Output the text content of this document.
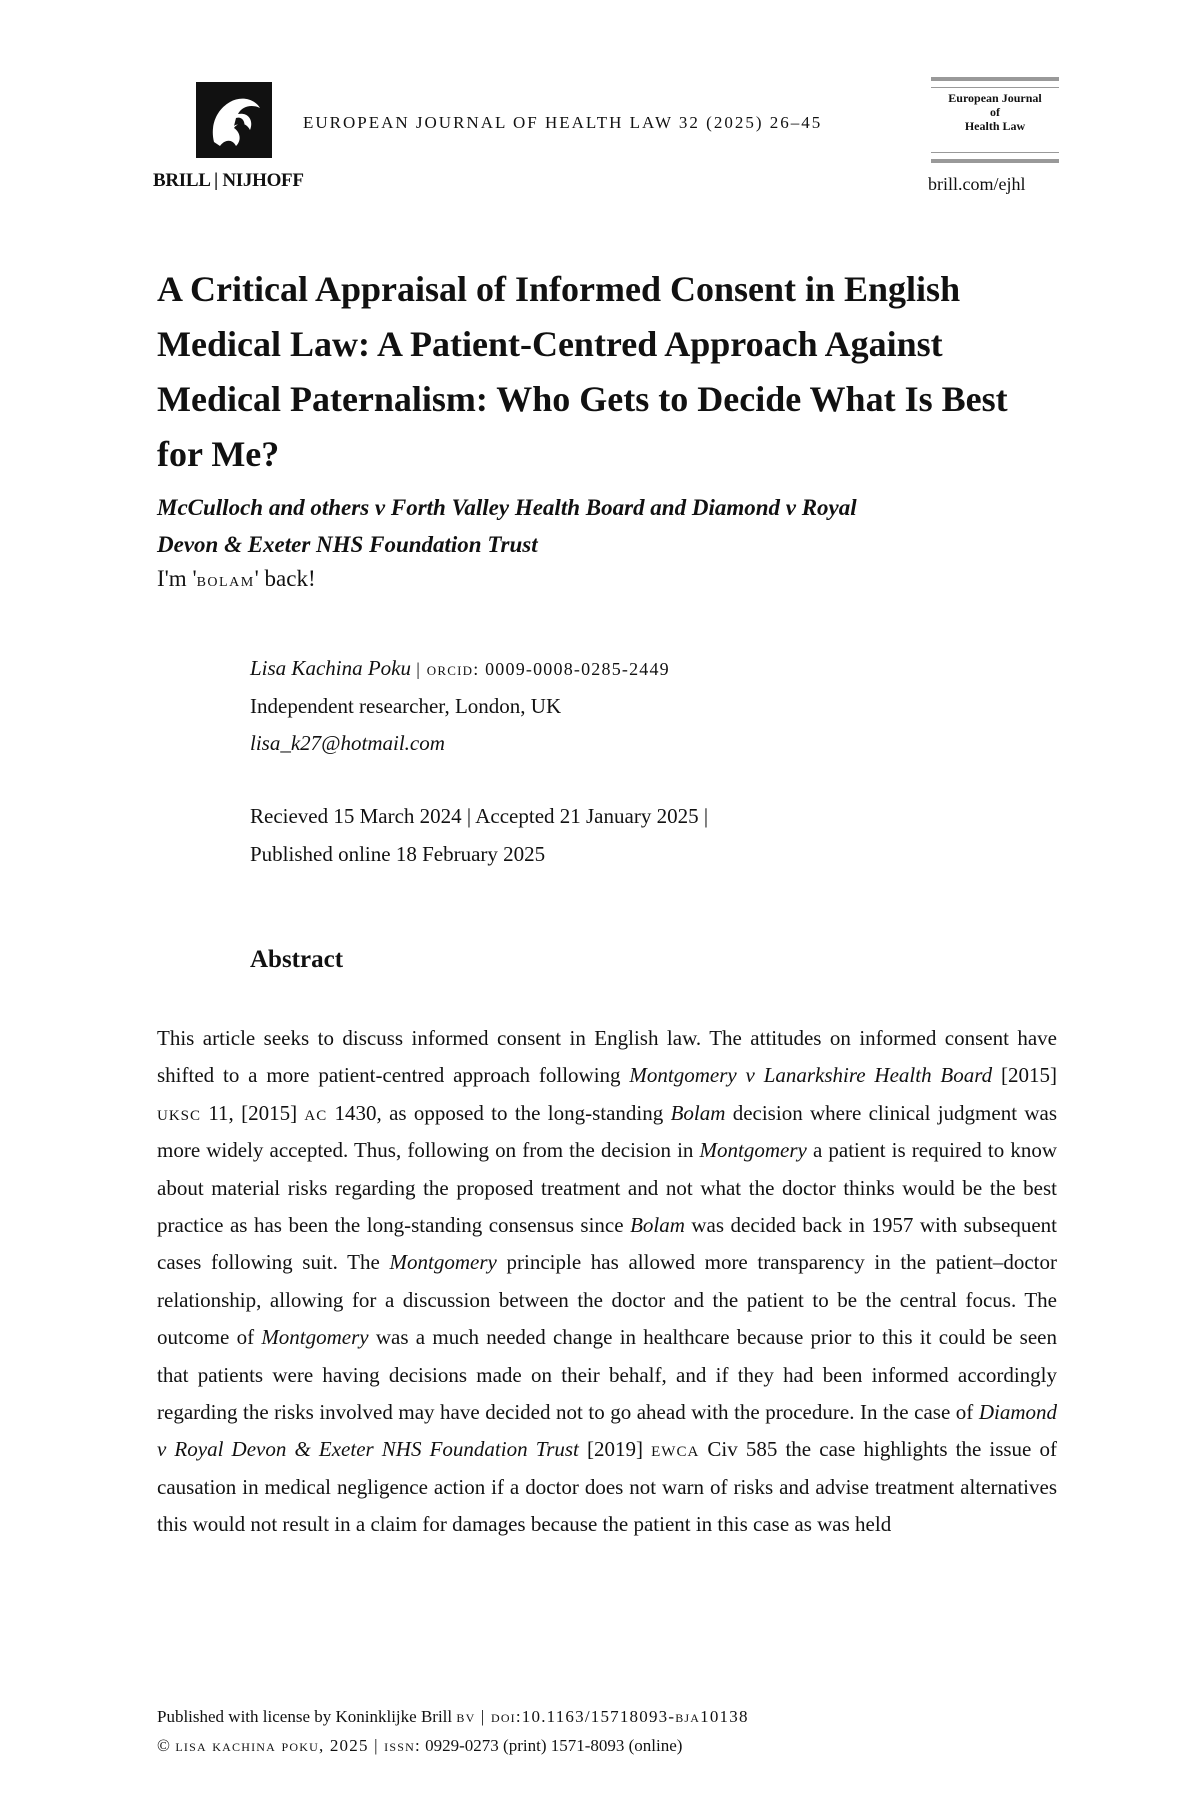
BRILL | NIJHOFF
EUROPEAN JOURNAL OF HEALTH LAW 32 (2025) 26–45
European Journal
of
Health Law
brill.com/ejhl
A Critical Appraisal of Informed Consent in English Medical Law: A Patient-Centred Approach Against Medical Paternalism: Who Gets to Decide What Is Best for Me?
McCulloch and others v Forth Valley Health Board and Diamond v Royal
Devon & Exeter NHS Foundation Trust
I'm 'bolam' back!
Lisa Kachina Poku | orcid: 0009-0008-0285-2449
Independent researcher, London, UK
lisa_k27@hotmail.com
Recieved 15 March 2024 | Accepted 21 January 2025 |
Published online 18 February 2025
Abstract
This article seeks to discuss informed consent in English law. The attitudes on informed consent have shifted to a more patient-centred approach following Montgomery v Lanarkshire Health Board [2015] uksc 11, [2015] ac 1430, as opposed to the long-standing Bolam decision where clinical judgment was more widely accepted. Thus, following on from the decision in Montgomery a patient is required to know about material risks regarding the proposed treatment and not what the doctor thinks would be the best practice as has been the long-standing consensus since Bolam was decided back in 1957 with subsequent cases following suit. The Montgomery principle has allowed more transparency in the patient–doctor relationship, allowing for a discussion between the doctor and the patient to be the central focus. The outcome of Montgomery was a much needed change in healthcare because prior to this it could be seen that patients were having decisions made on their behalf, and if they had been informed accordingly regarding the risks involved may have decided not to go ahead with the procedure. In the case of Diamond v Royal Devon & Exeter NHS Foundation Trust [2019] ewca Civ 585 the case highlights the issue of causation in medical negligence action if a doctor does not warn of risks and advise treatment alternatives this would not result in a claim for damages because the patient in this case as was held
Published with license by Koninklijke Brill bv | doi:10.1163/15718093-bja10138
© lisa kachina poku, 2025 | issn: 0929-0273 (print) 1571-8093 (online)
